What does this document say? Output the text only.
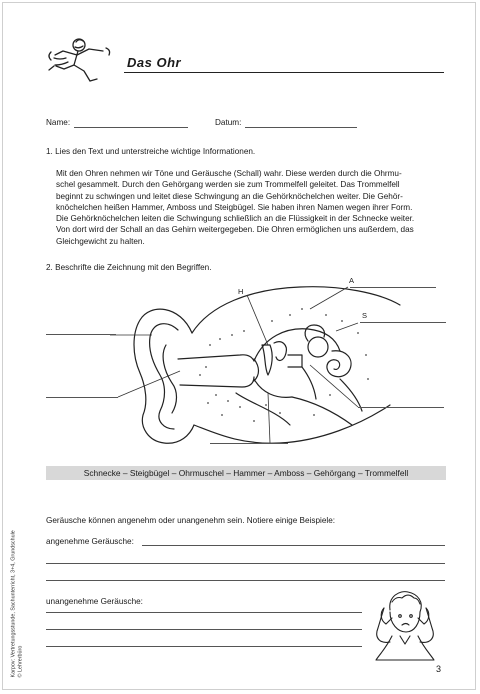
Das Ohr
Name:	Datum:
1. Lies den Text und unterstreiche wichtige Informationen.
Mit den Ohren nehmen wir Töne und Geräusche (Schall) wahr. Diese werden durch die Ohrmu-
schel gesammelt. Durch den Gehörgang werden sie zum Trommelfell geleitet. Das Trommelfell
beginnt zu schwingen und leitet diese Schwingung an die Gehörknöchelchen weiter. Die Gehör-
knöchelchen heißen Hammer, Amboss und Steigbügel. Sie haben ihren Namen wegen ihrer Form.
Die Gehörknöchelchen leiten die Schwingung schließlich an die Flüssigkeit in der Schnecke weiter.
Von dort wird der Schall an das Gehirn weitergegeben. Die Ohren ermöglichen uns außerdem, das
Gleichgewicht zu halten.
2. Beschrifte die Zeichnung mit den Begriffen.
A
H
S
Schnecke – Steigbügel – Ohrmuschel – Hammer – Amboss – Gehörgang – Trommelfell
Geräusche können angenehm oder unangenehm sein. Notiere einige Beispiele:
angenehme Geräusche:
unangenehme Geräusche:
Karpov: Vertretungsstunde, Sachunterricht, 3+4, Grundschule © Lehrerbüro	3
